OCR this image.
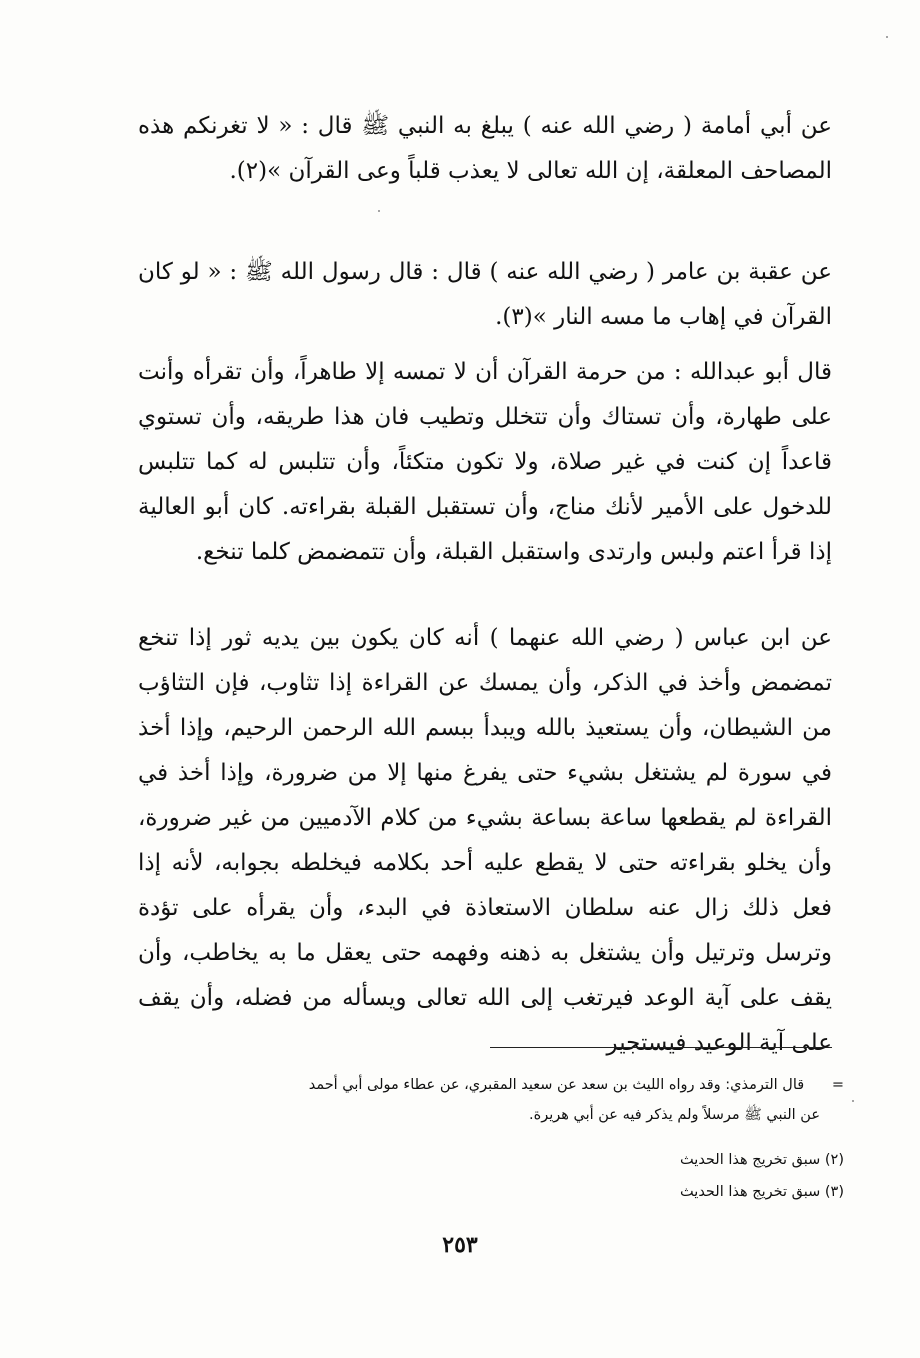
عن أبي أمامة ( رضي الله عنه ) يبلغ به النبي ﷺ قال : « لا تغرنكم هذه المصاحف المعلقة، إن الله تعالى لا يعذب قلباً وعى القرآن »(٢).

عن عقبة بن عامر ( رضي الله عنه ) قال : قال رسول الله ﷺ : « لو كان القرآن في إهاب ما مسه النار »(٣).

قال أبو عبدالله : من حرمة القرآن أن لا تمسه إلا طاهراً، وأن تقرأه وأنت على طهارة، وأن تستاك وأن تتخلل وتطيب فان هذا طريقه، وأن تستوي قاعداً إن كنت في غير صلاة، ولا تكون متكئاً، وأن تتلبس له كما تتلبس للدخول على الأمير لأنك مناج، وأن تستقبل القبلة بقراءته. كان أبو العالية إذا قرأ اعتم ولبس وارتدى واستقبل القبلة، وأن تتمضمض كلما تنخع.

عن ابن عباس ( رضي الله عنهما ) أنه كان يكون بين يديه ثور إذا تنخع تمضمض وأخذ في الذكر، وأن يمسك عن القراءة إذا تثاوب، فإن التثاؤب من الشيطان، وأن يستعيذ بالله ويبدأ ببسم الله الرحمن الرحيم، وإذا أخذ في سورة لم يشتغل بشيء حتى يفرغ منها إلا من ضرورة، وإذا أخذ في القراءة لم يقطعها ساعة بساعة بشيء من كلام الآدميين من غير ضرورة، وأن يخلو بقراءته حتى لا يقطع عليه أحد بكلامه فيخلطه بجوابه، لأنه إذا فعل ذلك زال عنه سلطان الاستعاذة في البدء، وأن يقرأه على تؤدة وترسل وترتيل وأن يشتغل به ذهنه وفهمه حتى يعقل ما به يخاطب، وأن يقف على آية الوعد فيرتغب إلى الله تعالى ويسأله من فضله، وأن يقف على آية الوعيد فيستجير

=      قال الترمذي: وقد رواه الليث بن سعد عن سعيد المقبري، عن عطاء مولى أبي أحمد

عن النبي ﷺ مرسلاً ولم يذكر فيه عن أبي هريرة.

(٢) سبق تخريج هذا الحديث

(٣) سبق تخريج هذا الحديث

٢٥٣
